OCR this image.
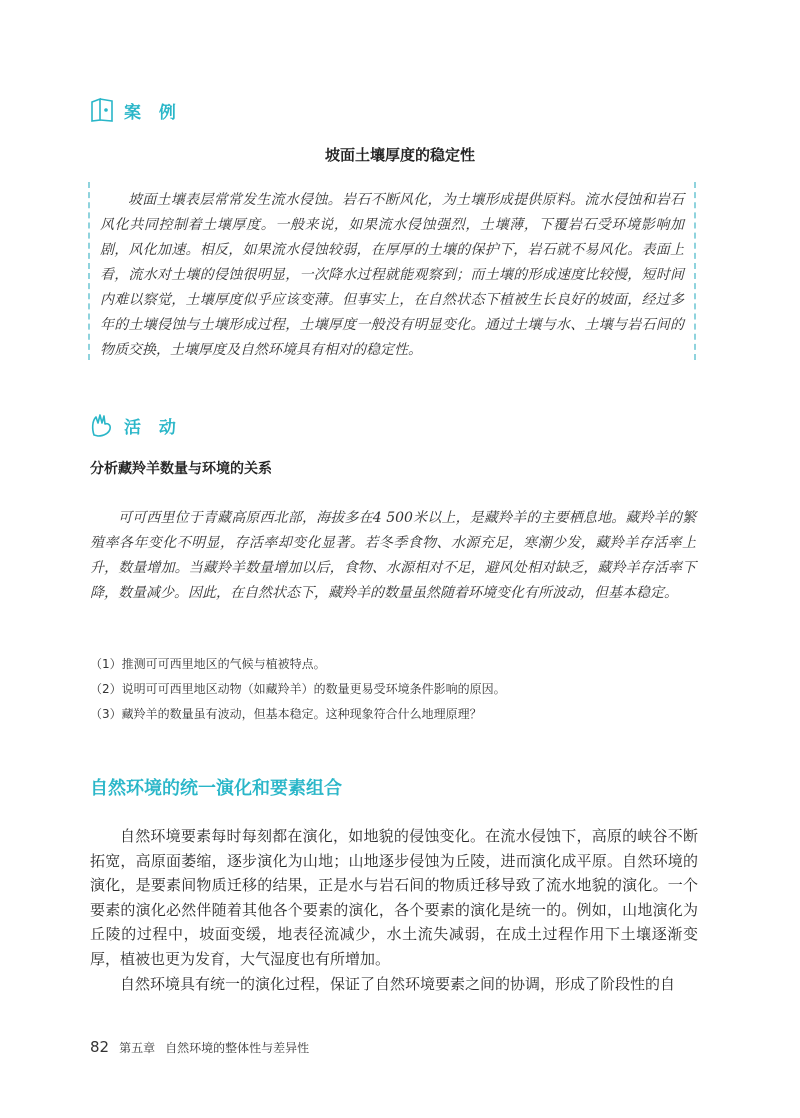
案 例
坡面土壤厚度的稳定性

坡面土壤表层常常发生流水侵蚀。岩石不断风化，为土壤形成提供原料。流水侵蚀和岩石风化共同控制着土壤厚度。一般来说，如果流水侵蚀强烈，土壤薄，下覆岩石受环境影响加剧，风化加速。相反，如果流水侵蚀较弱，在厚厚的土壤的保护下，岩石就不易风化。表面上看，流水对土壤的侵蚀很明显，一次降水过程就能观察到；而土壤的形成速度比较慢，短时间内难以察觉，土壤厚度似乎应该变薄。但事实上，在自然状态下植被生长良好的坡面，经过多年的土壤侵蚀与土壤形成过程，土壤厚度一般没有明显变化。通过土壤与水、土壤与岩石间的物质交换，土壤厚度及自然环境具有相对的稳定性。

活 动
分析藏羚羊数量与环境的关系

可可西里位于青藏高原西北部，海拔多在4 500米以上，是藏羚羊的主要栖息地。藏羚羊的繁殖率各年变化不明显，存活率却变化显著。若冬季食物、水源充足，寒潮少发，藏羚羊存活率上升，数量增加。当藏羚羊数量增加以后，食物、水源相对不足，避风处相对缺乏，藏羚羊存活率下降，数量减少。因此，在自然状态下，藏羚羊的数量虽然随着环境变化有所波动，但基本稳定。

（1）推测可可西里地区的气候与植被特点。
（2）说明可可西里地区动物（如藏羚羊）的数量更易受环境条件影响的原因。
（3）藏羚羊的数量虽有波动，但基本稳定。这种现象符合什么地理原理？
自然环境的统一演化和要素组合

自然环境要素每时每刻都在演化，如地貌的侵蚀变化。在流水侵蚀下，高原的峡谷不断拓宽，高原面萎缩，逐步演化为山地；山地逐步侵蚀为丘陵，进而演化成平原。自然环境的演化，是要素间物质迁移的结果，正是水与岩石间的物质迁移导致了流水地貌的演化。一个要素的演化必然伴随着其他各个要素的演化，各个要素的演化是统一的。例如，山地演化为丘陵的过程中，坡面变缓，地表径流减少，水土流失减弱，在成土过程作用下土壤逐渐变厚，植被也更为发育，大气湿度也有所增加。

自然环境具有统一的演化过程，保证了自然环境要素之间的协调，形成了阶段性的自

82 第五章 自然环境的整体性与差异性
